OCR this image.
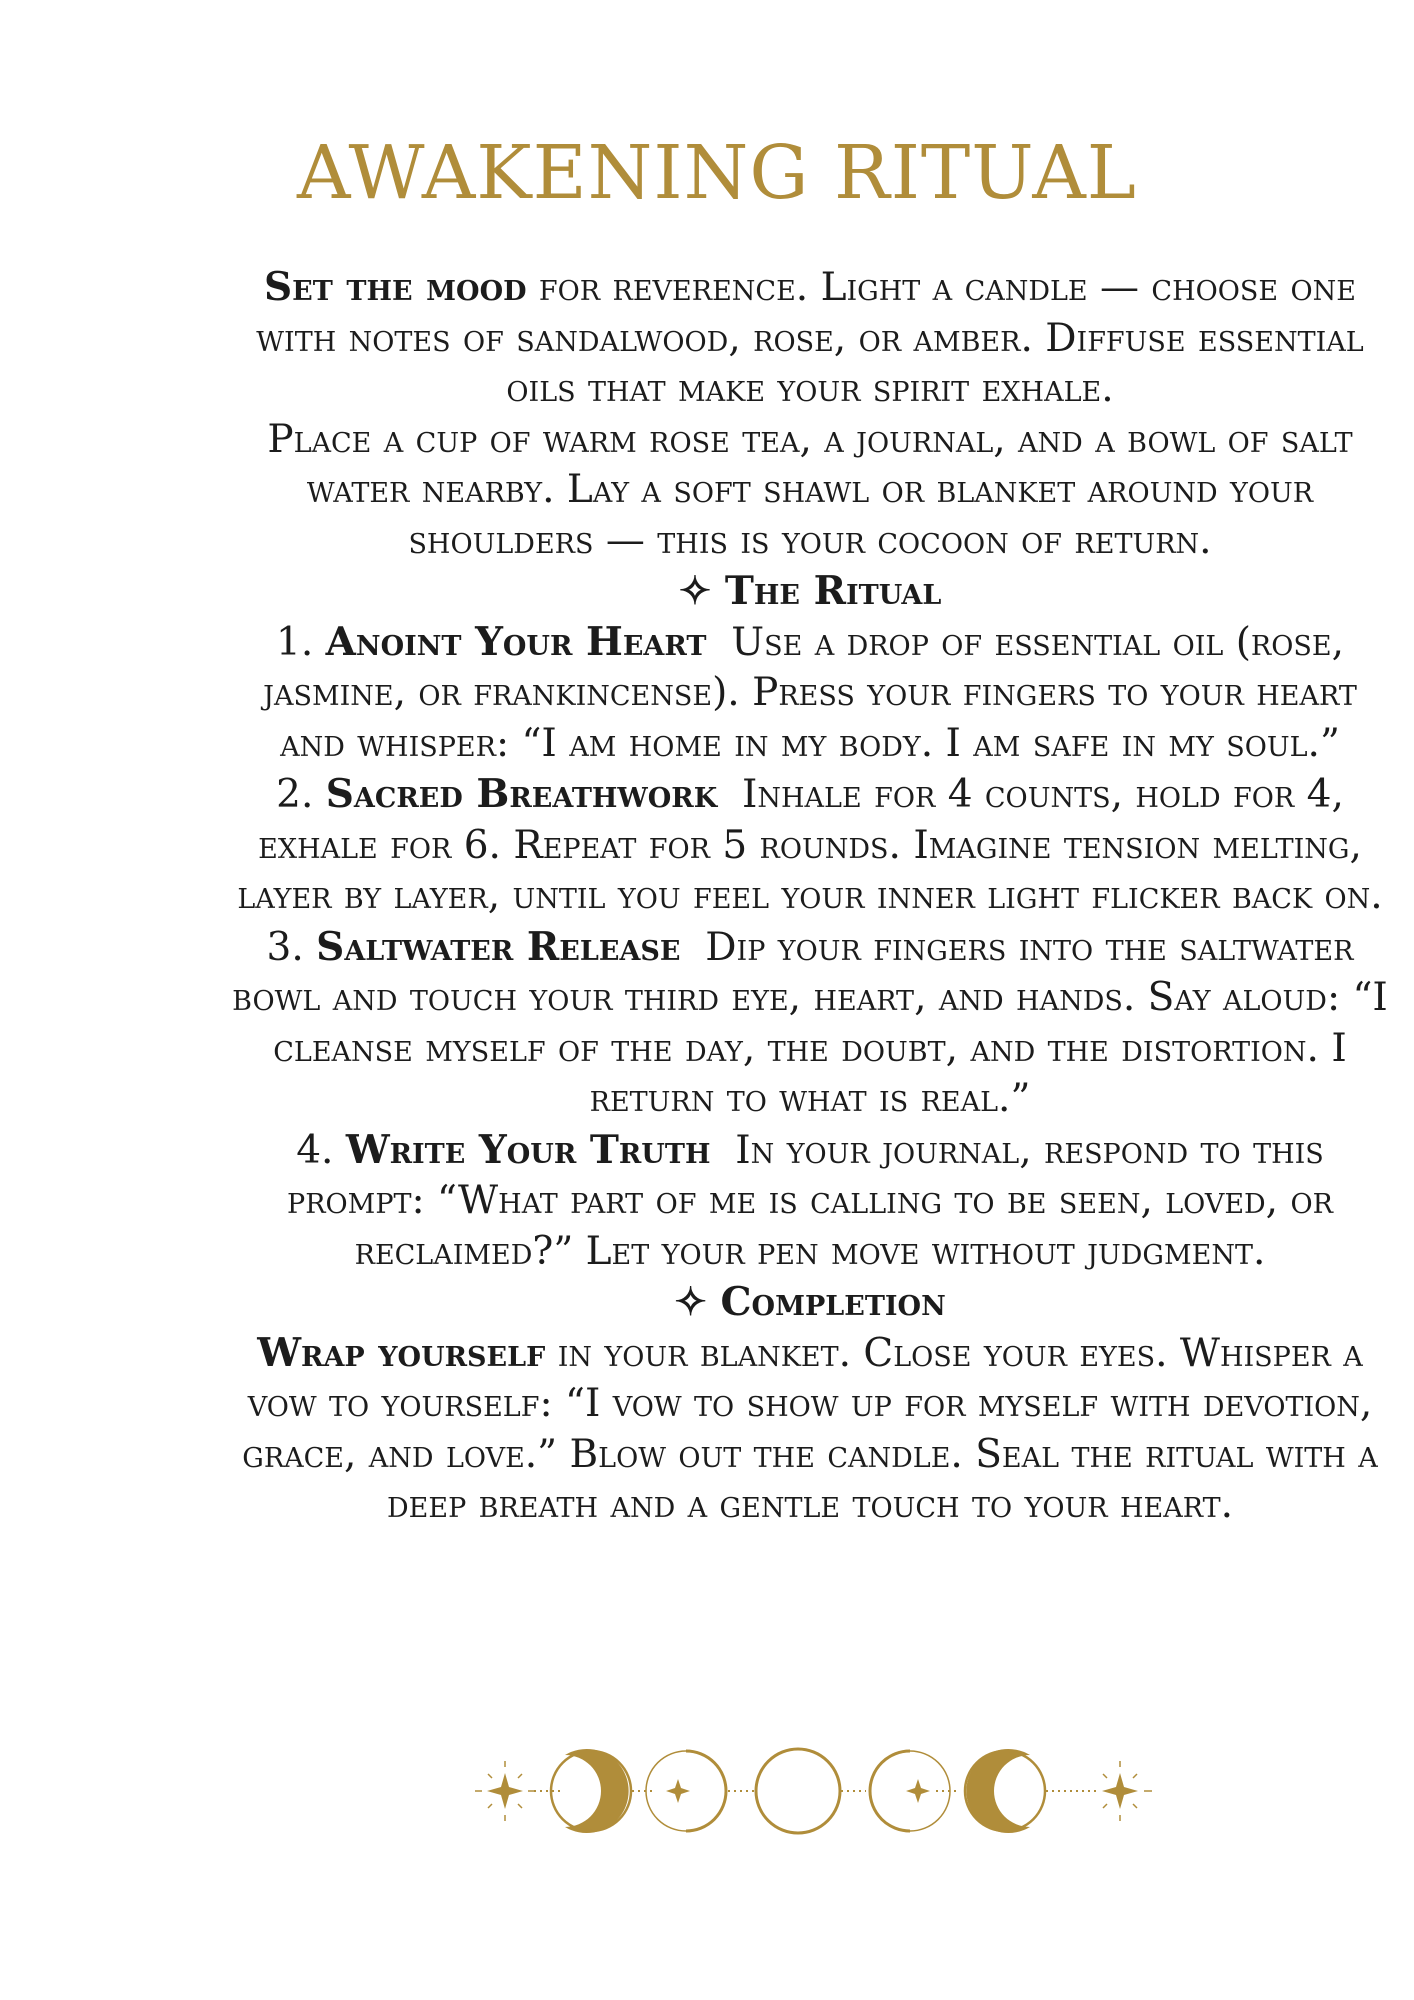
AWAKENING RITUAL

Set the mood for reverence. Light a candle — choose one with notes of sandalwood, rose, or amber. Diffuse essential oils that make your spirit exhale.

Place a cup of warm rose tea, a journal, and a bowl of salt water nearby. Lay a soft shawl or blanket around your shoulders — this is your cocoon of return.

✧ The Ritual

1. Anoint Your Heart Use a drop of essential oil (rose, jasmine, or frankincense). Press your fingers to your heart and whisper: “I am home in my body. I am safe in my soul.”

2. Sacred Breathwork Inhale for 4 counts, hold for 4, exhale for 6. Repeat for 5 rounds. Imagine tension melting, layer by layer, until you feel your inner light flicker back on.

3. Saltwater Release Dip your fingers into the saltwater bowl and touch your third eye, heart, and hands. Say aloud: “I cleanse myself of the day, the doubt, and the distortion. I return to what is real.”

4. Write Your Truth In your journal, respond to this prompt: “What part of me is calling to be seen, loved, or reclaimed?” Let your pen move without judgment.

✧ Completion

Wrap yourself in your blanket. Close your eyes. Whisper a vow to yourself: “I vow to show up for myself with devotion, grace, and love.” Blow out the candle. Seal the ritual with a deep breath and a gentle touch to your heart.
